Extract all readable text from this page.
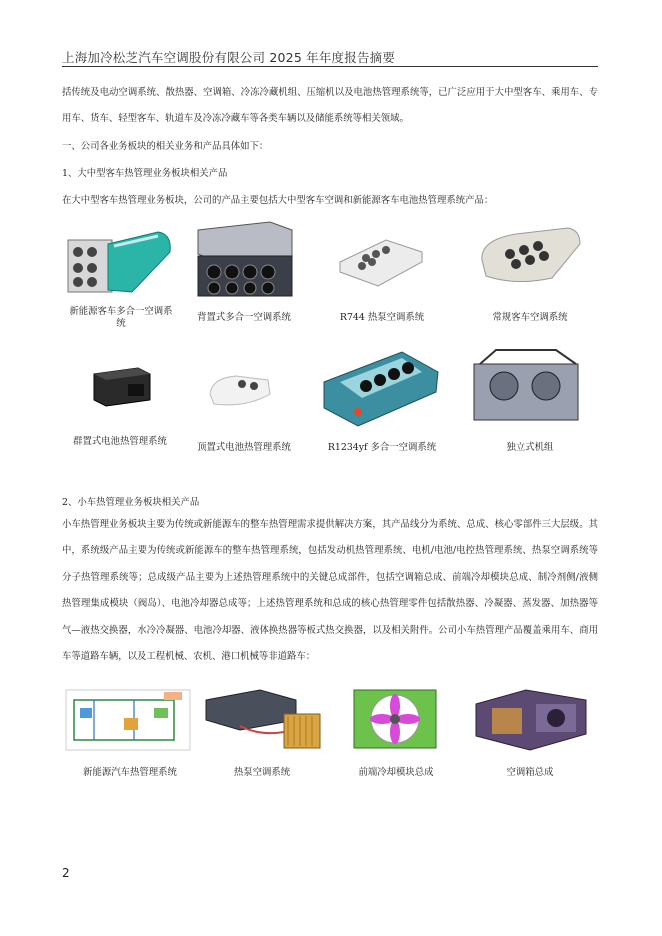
上海加冷松芝汽车空调股份有限公司 2025 年年度报告摘要

括传统及电动空调系统、散热器、空调箱、冷冻冷藏机组、压缩机以及电池热管理系统等，已广泛应用于大中型客车、乘用车、专用车、货车、轻型客车、轨道车及冷冻冷藏车等各类车辆以及储能系统等相关领域。

一、公司各业务板块的相关业务和产品具体如下：
1、大中型客车热管理业务板块相关产品
在大中型客车热管理业务板块，公司的产品主要包括大中型客车空调和新能源客车电池热管理系统产品：
新能源客车多合一空调系统
背置式多合一空调系统	R744 热泵空调系统	常规客车空调系统
群置式电池热管理系统
顶置式电池热管理系统	R1234yf 多合一空调系统	独立式机组
2、小车热管理业务板块相关产品

小车热管理业务板块主要为传统或新能源车的整车热管理需求提供解决方案，其产品线分为系统、总成、核心零部件三大层级。其中，系统级产品主要为传统或新能源车的整车热管理系统，包括发动机热管理系统、电机/电池/电控热管理系统、热泵空调系统等分子热管理系统等；总成级产品主要为上述热管理系统中的关键总成部件，包括空调箱总成、前端冷却模块总成、制冷剂侧/液侧热管理集成模块（阀岛）、电池冷却器总成等；上述热管理系统和总成的核心热管理零件包括散热器、冷凝器、蒸发器、加热器等气—液热交换器，水冷冷凝器、电池冷却器、液体换热器等板式热交换器，以及相关附件。公司小车热管理产品覆盖乘用车、商用车等道路车辆，以及工程机械、农机、港口机械等非道路车：

新能源汽车热管理系统	热泵空调系统	前端冷却模块总成	空调箱总成
2
